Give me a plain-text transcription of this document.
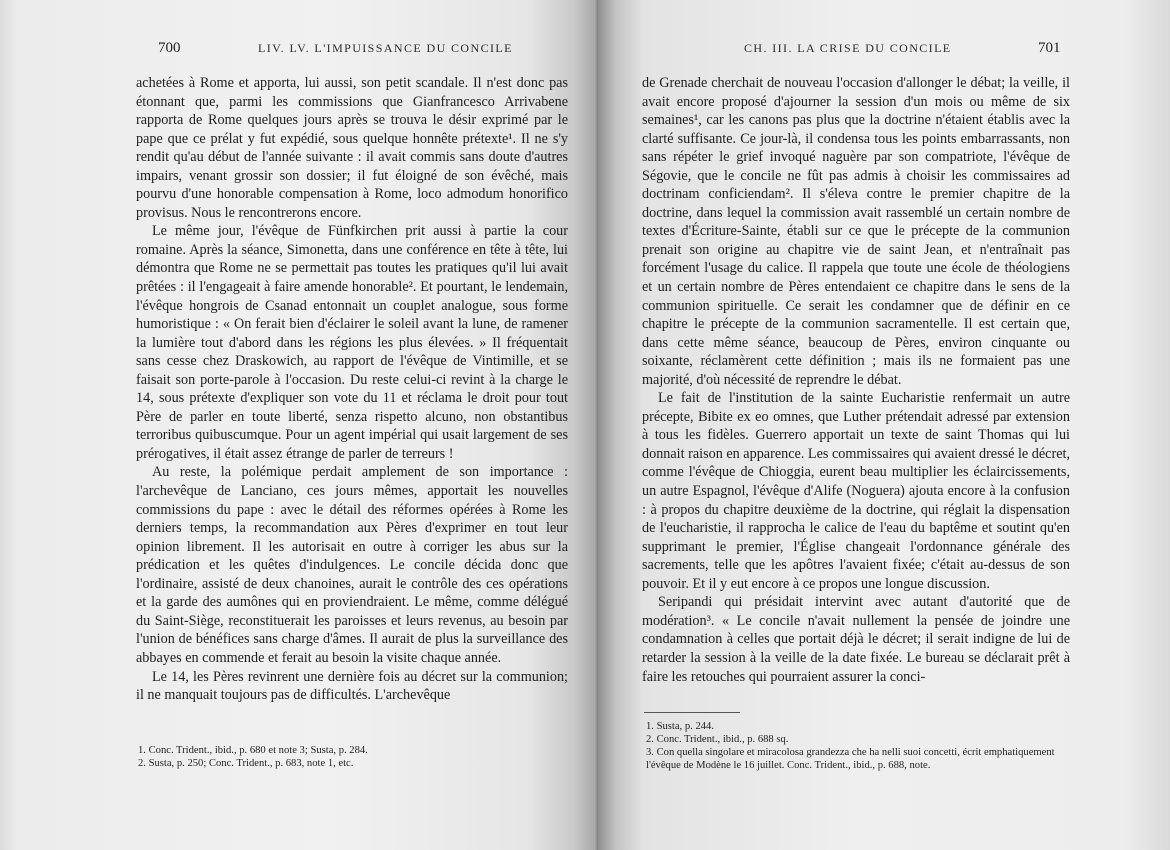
700	LIV. LV. L'IMPUISSANCE DU CONCILE

achetées à Rome et apporta, lui aussi, son petit scandale. Il n'est donc pas étonnant que, parmi les commissions que Gianfrancesco Arrivabene rapporta de Rome quelques jours après se trouva le désir exprimé par le pape que ce prélat y fut expédié, sous quelque honnête prétexte¹. Il ne s'y rendit qu'au début de l'année suivante : il avait commis sans doute d'autres impairs, venant grossir son dossier; il fut éloigné de son évêché, mais pourvu d'une honorable compensation à Rome, loco admodum honorifico provisus. Nous le rencontrerons encore.

Le même jour, l'évêque de Fünfkirchen prit aussi à partie la cour romaine. Après la séance, Simonetta, dans une conférence en tête à tête, lui démontra que Rome ne se permettait pas toutes les pratiques qu'il lui avait prêtées : il l'engageait à faire amende honorable². Et pourtant, le lendemain, l'évêque hongrois de Csanad entonnait un couplet analogue, sous forme humoristique : « On ferait bien d'éclairer le soleil avant la lune, de ramener la lumière tout d'abord dans les régions les plus élevées. » Il fréquentait sans cesse chez Draskowich, au rapport de l'évêque de Vintimille, et se faisait son porte-parole à l'occasion. Du reste celui-ci revint à la charge le 14, sous prétexte d'expliquer son vote du 11 et réclama le droit pour tout Père de parler en toute liberté, senza rispetto alcuno, non obstantibus terroribus quibuscumque. Pour un agent impérial qui usait largement de ses prérogatives, il était assez étrange de parler de terreurs !

Au reste, la polémique perdait amplement de son importance : l'archevêque de Lanciano, ces jours mêmes, apportait les nouvelles commissions du pape : avec le détail des réformes opérées à Rome les derniers temps, la recommandation aux Pères d'exprimer en tout leur opinion librement. Il les autorisait en outre à corriger les abus sur la prédication et les quêtes d'indulgences. Le concile décida donc que l'ordinaire, assisté de deux chanoines, aurait le contrôle des ces opérations et la garde des aumônes qui en proviendraient. Le même, comme délégué du Saint-Siège, reconstituerait les paroisses et leurs revenus, au besoin par l'union de bénéfices sans charge d'âmes. Il aurait de plus la surveillance des abbayes en commende et ferait au besoin la visite chaque année.

Le 14, les Pères revinrent une dernière fois au décret sur la communion; il ne manquait toujours pas de difficultés. L'archevêque

1. Conc. Trident., ibid., p. 680 et note 3; Susta, p. 284.
2. Susta, p. 250; Conc. Trident., p. 683, note 1, etc.
CH. III. LA CRISE DU CONCILE	701

de Grenade cherchait de nouveau l'occasion d'allonger le débat; la veille, il avait encore proposé d'ajourner la session d'un mois ou même de six semaines¹, car les canons pas plus que la doctrine n'étaient établis avec la clarté suffisante. Ce jour-là, il condensa tous les points embarrassants, non sans répéter le grief invoqué naguère par son compatriote, l'évêque de Ségovie, que le concile ne fût pas admis à choisir les commissaires ad doctrinam conficiendam². Il s'éleva contre le premier chapitre de la doctrine, dans lequel la commission avait rassemblé un certain nombre de textes d'Écriture-Sainte, établi sur ce que le précepte de la communion prenait son origine au chapitre vie de saint Jean, et n'entraînait pas forcément l'usage du calice. Il rappela que toute une école de théologiens et un certain nombre de Pères entendaient ce chapitre dans le sens de la communion spirituelle. Ce serait les condamner que de définir en ce chapitre le précepte de la communion sacramentelle. Il est certain que, dans cette même séance, beaucoup de Pères, environ cinquante ou soixante, réclamèrent cette définition ; mais ils ne formaient pas une majorité, d'où nécessité de reprendre le débat.

Le fait de l'institution de la sainte Eucharistie renfermait un autre précepte, Bibite ex eo omnes, que Luther prétendait adressé par extension à tous les fidèles. Guerrero apportait un texte de saint Thomas qui lui donnait raison en apparence. Les commissaires qui avaient dressé le décret, comme l'évêque de Chioggia, eurent beau multiplier les éclaircissements, un autre Espagnol, l'évêque d'Alife (Noguera) ajouta encore à la confusion : à propos du chapitre deuxième de la doctrine, qui réglait la dispensation de l'eucharistie, il rapprocha le calice de l'eau du baptême et soutint qu'en supprimant le premier, l'Église changeait l'ordonnance générale des sacrements, telle que les apôtres l'avaient fixée; c'était au-dessus de son pouvoir. Et il y eut encore à ce propos une longue discussion.

Seripandi qui présidait intervint avec autant d'autorité que de modération³. « Le concile n'avait nullement la pensée de joindre une condamnation à celles que portait déjà le décret; il serait indigne de lui de retarder la session à la veille de la date fixée. Le bureau se déclarait prêt à faire les retouches qui pourraient assurer la conci-

1. Susta, p. 244.
2. Conc. Trident., ibid., p. 688 sq.
3. Con quella singolare et miracolosa grandezza che ha nelli suoi concetti, écrit emphatiquement l'évêque de Modène le 16 juillet. Conc. Trident., ibid., p. 688, note.
